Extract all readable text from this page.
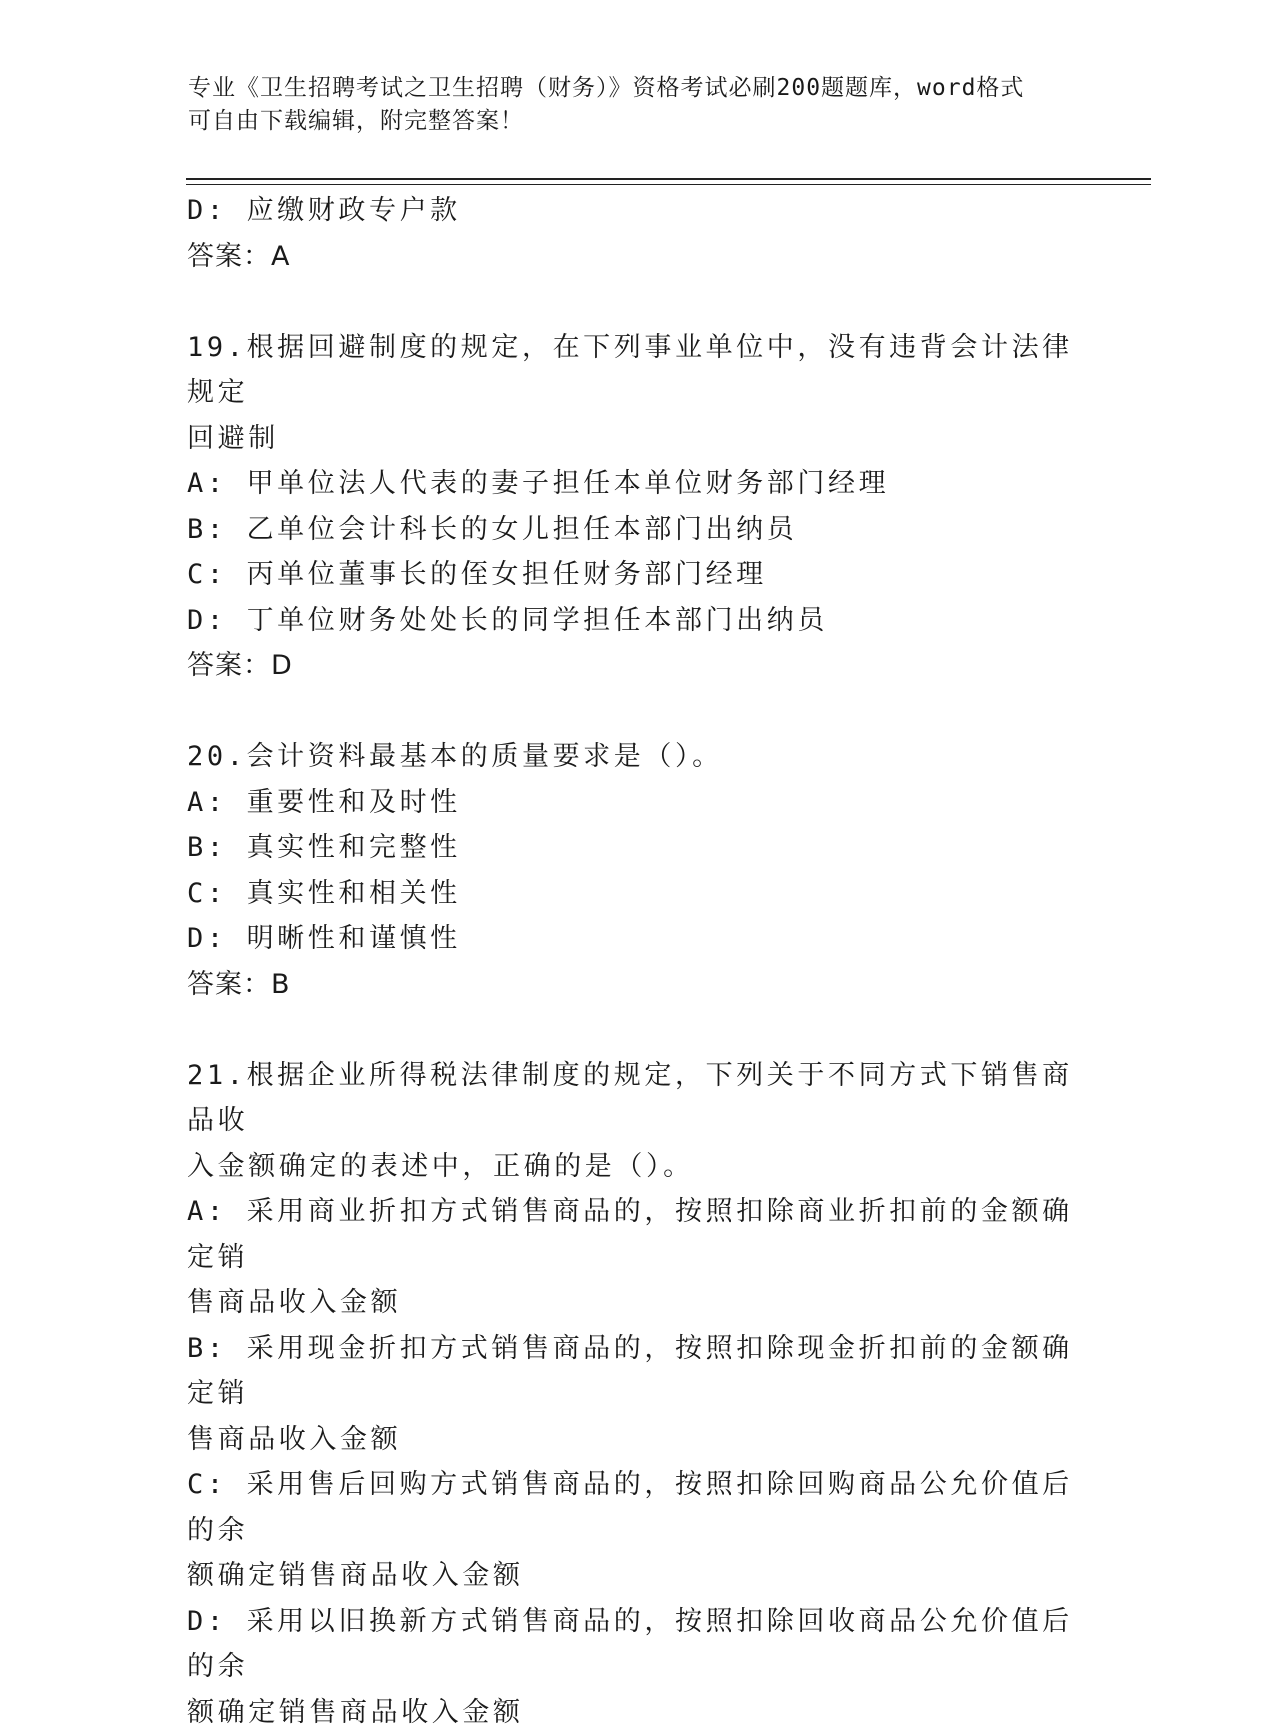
专业《卫生招聘考试之卫生招聘（财务）》资格考试必刷200题题库，word格式
可自由下载编辑，附完整答案！
D: 应缴财政专户款
答案：A
19.根据回避制度的规定，在下列事业单位中，没有违背会计法律规定
回避制
A: 甲单位法人代表的妻子担任本单位财务部门经理
B: 乙单位会计科长的女儿担任本部门出纳员
C: 丙单位董事长的侄女担任财务部门经理
D: 丁单位财务处处长的同学担任本部门出纳员
答案：D
20.会计资料最基本的质量要求是（）。
A: 重要性和及时性
B: 真实性和完整性
C: 真实性和相关性
D: 明晰性和谨慎性
答案：B
21.根据企业所得税法律制度的规定，下列关于不同方式下销售商品收
入金额确定的表述中，正确的是（）。
A: 采用商业折扣方式销售商品的，按照扣除商业折扣前的金额确定销
售商品收入金额
B: 采用现金折扣方式销售商品的，按照扣除现金折扣前的金额确定销
售商品收入金额
C: 采用售后回购方式销售商品的，按照扣除回购商品公允价值后的余
额确定销售商品收入金额
D: 采用以旧换新方式销售商品的，按照扣除回收商品公允价值后的余
额确定销售商品收入金额
